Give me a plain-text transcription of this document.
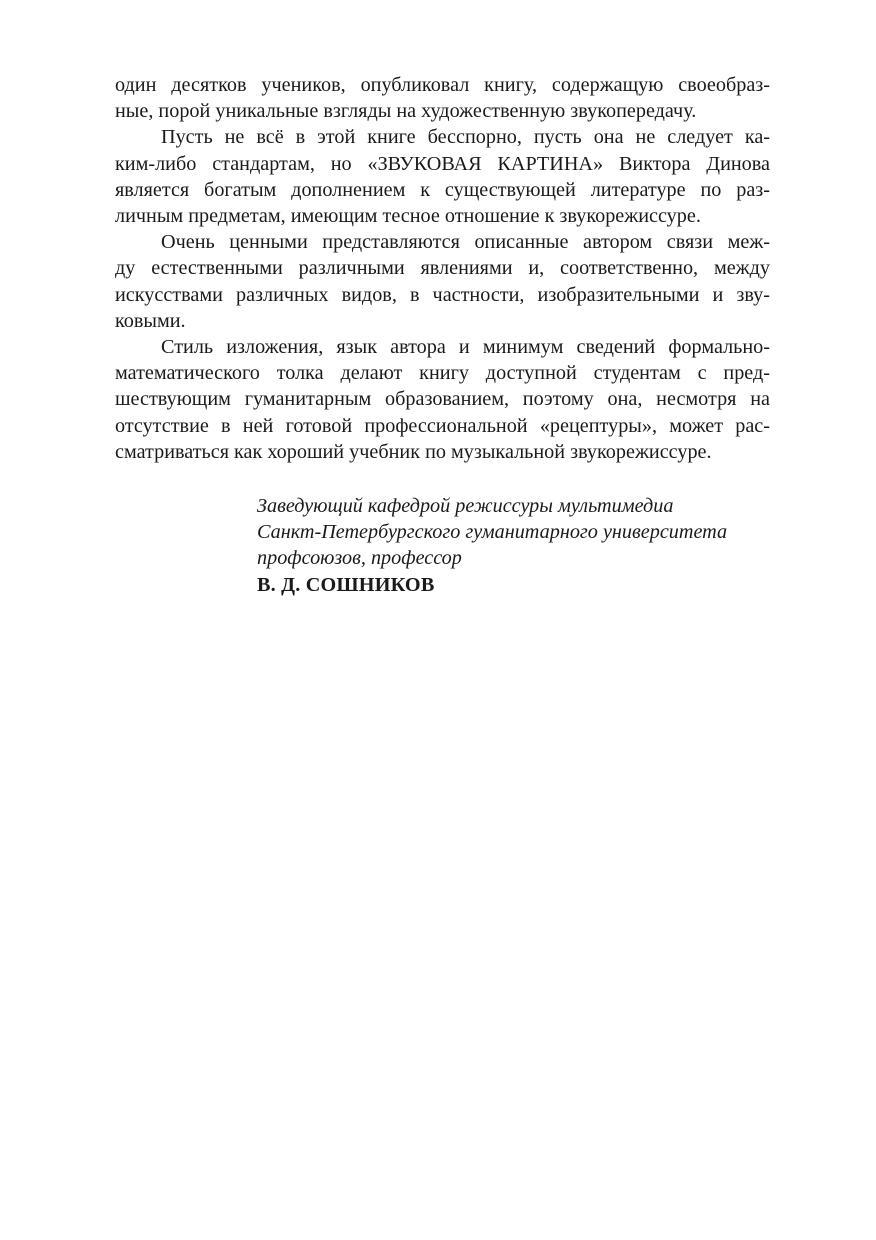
один десятков учеников, опубликовал книгу, содержащую своеобраз-
ные, порой уникальные взгляды на художественную звукопередачу.
Пусть не всё в этой книге бесспорно, пусть она не следует ка-
ким-либо стандартам, но «ЗВУКОВАЯ КАРТИНА» Виктора Динова
является богатым дополнением к существующей литературе по раз-
личным предметам, имеющим тесное отношение к звукорежиссуре.
Очень ценными представляются описанные автором связи меж-
ду естественными различными явлениями и, соответственно, между
искусствами различных видов, в частности, изобразительными и зву-
ковыми.
Стиль изложения, язык автора и минимум сведений формально-
математического толка делают книгу доступной студентам с пред-
шествующим гуманитарным образованием, поэтому она, несмотря на
отсутствие в ней готовой профессиональной «рецептуры», может рас-
сматриваться как хороший учебник по музыкальной звукорежиссуре.
Заведующий кафедрой режиссуры мультимедиа
Санкт-Петербургского гуманитарного университета
профсоюзов, профессор
В. Д. СОШНИКОВ
